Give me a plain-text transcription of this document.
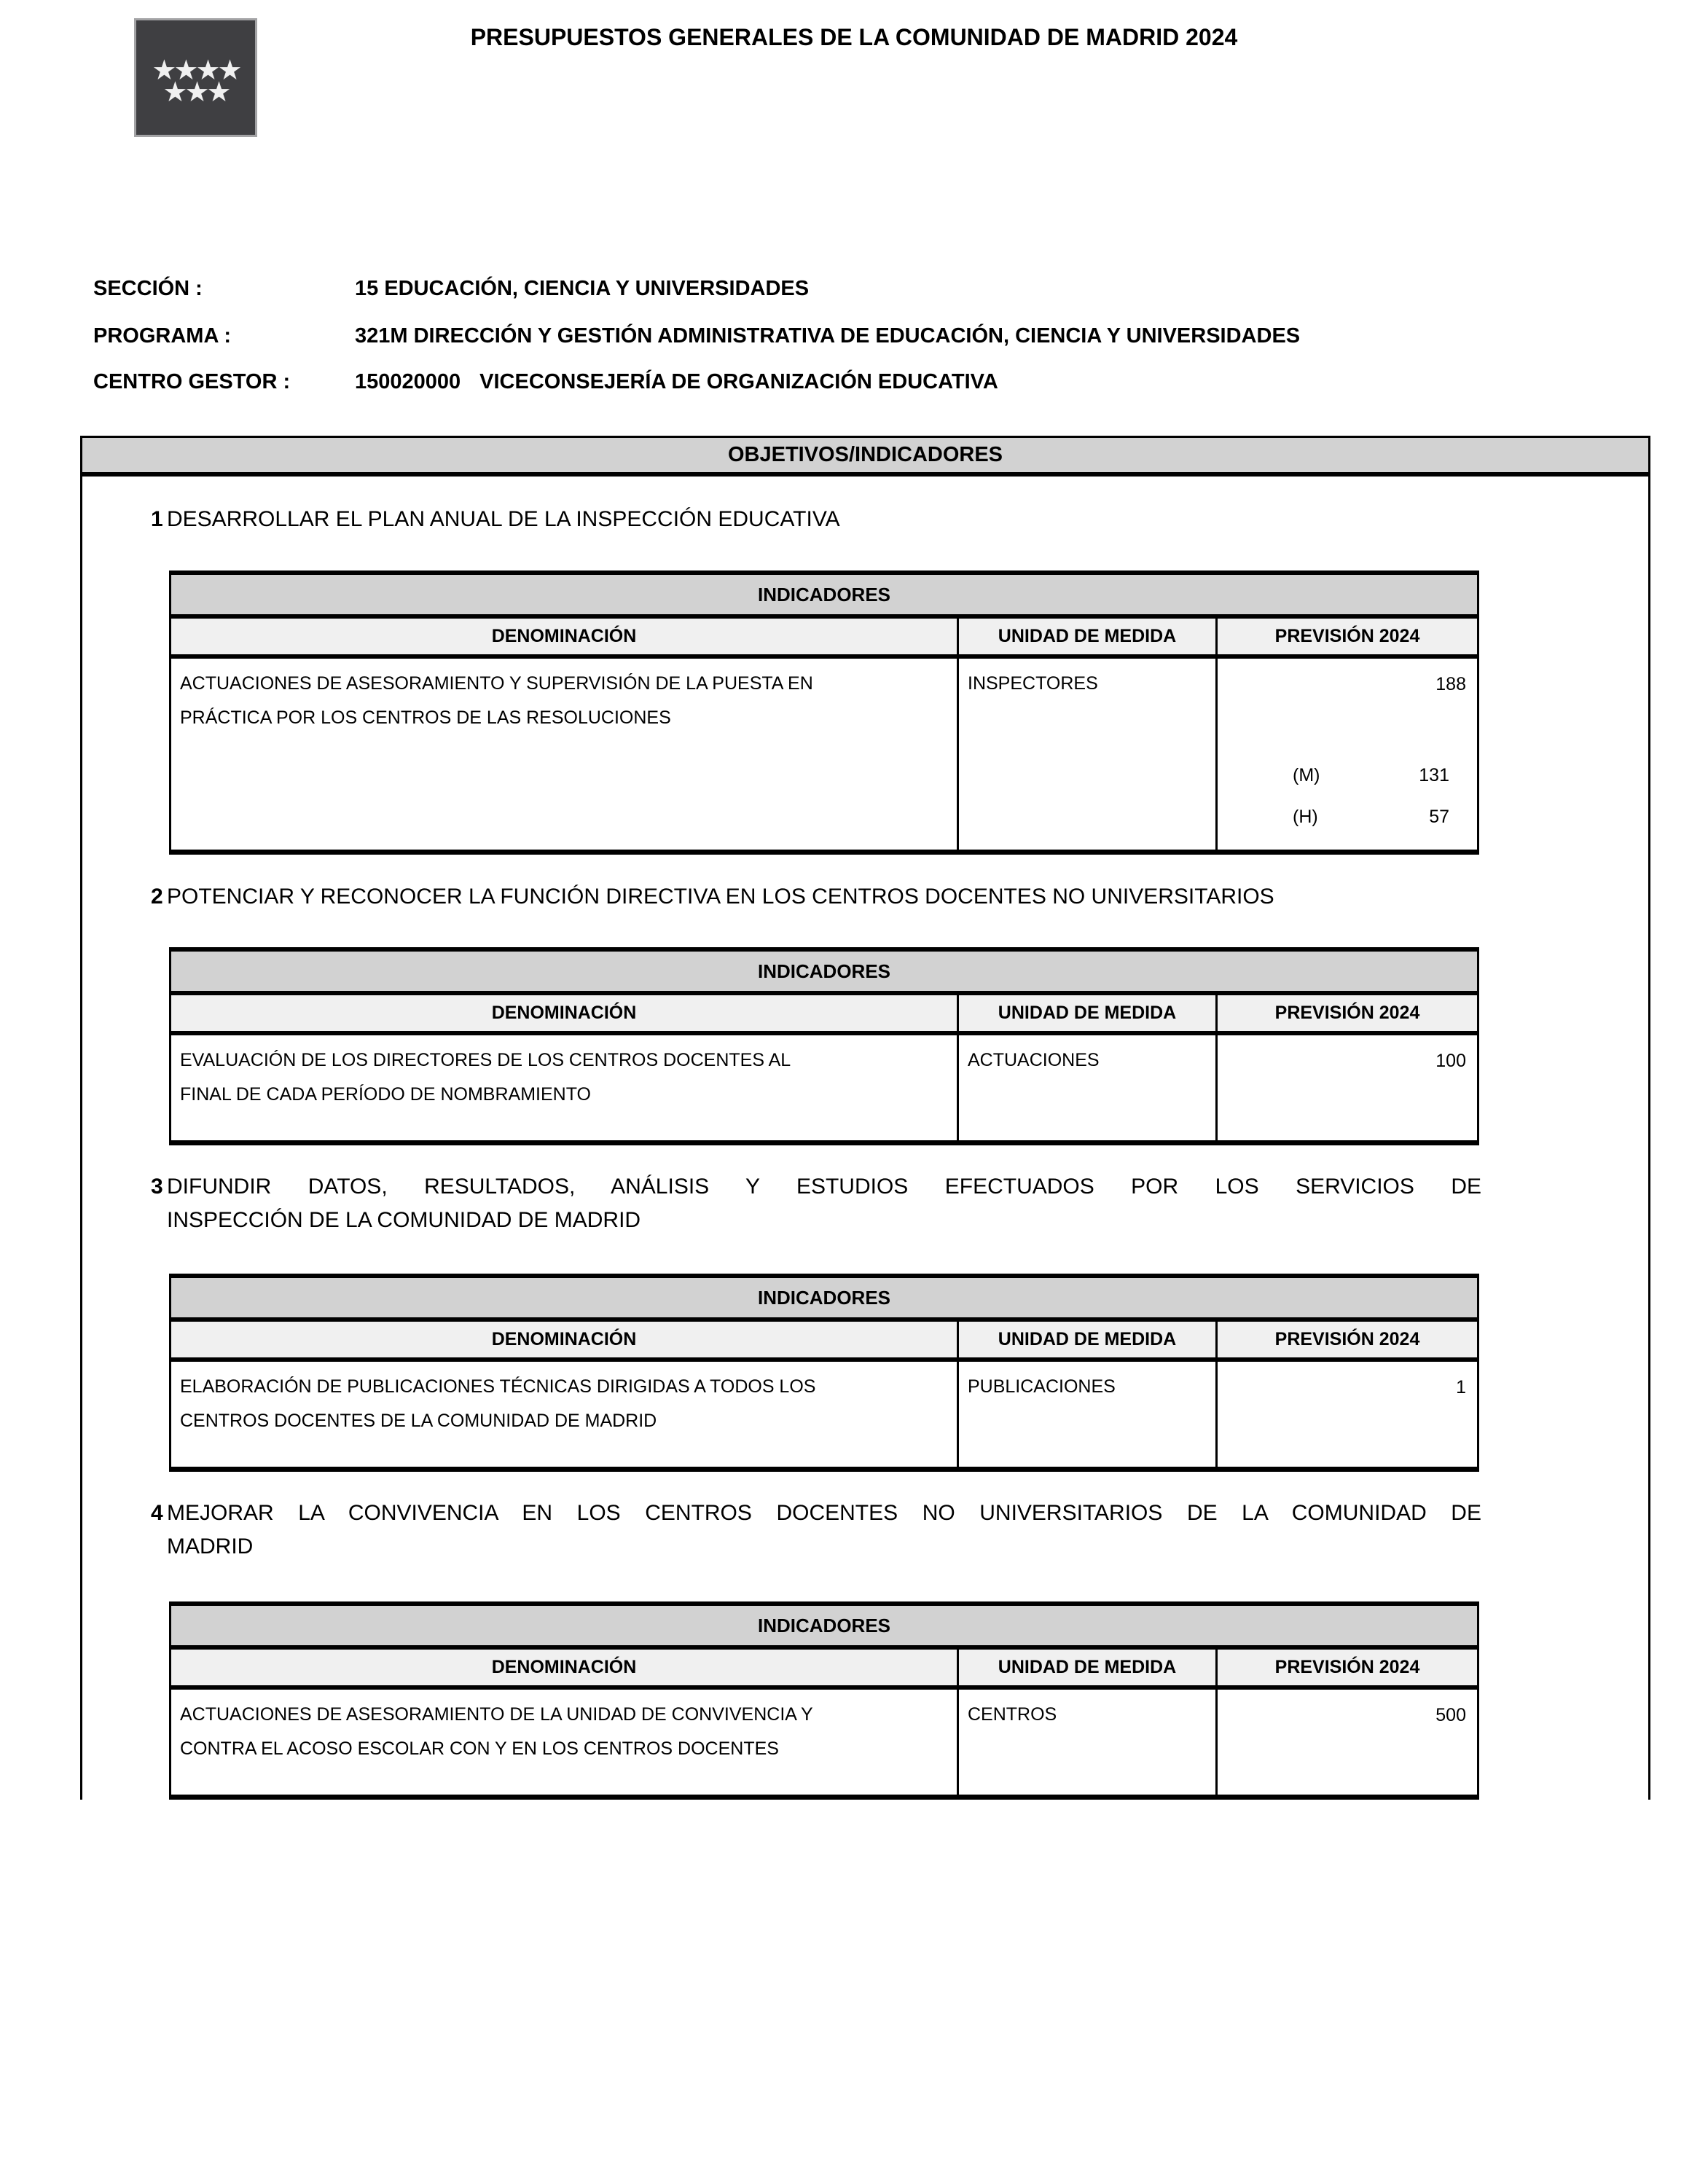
★★★★
★★★
PRESUPUESTOS GENERALES DE LA COMUNIDAD DE MADRID 2024
SECCIÓN :	15 EDUCACIÓN, CIENCIA Y UNIVERSIDADES
PROGRAMA :	321M DIRECCIÓN Y GESTIÓN ADMINISTRATIVA DE EDUCACIÓN, CIENCIA Y UNIVERSIDADES
CENTRO GESTOR :	150020000 VICECONSEJERÍA DE ORGANIZACIÓN EDUCATIVA
OBJETIVOS/INDICADORES
1 DESARROLLAR EL PLAN ANUAL DE LA INSPECCIÓN EDUCATIVA
INDICADORES
DENOMINACIÓN	UNIDAD DE MEDIDA	PREVISIÓN 2024
ACTUACIONES DE ASESORAMIENTO Y SUPERVISIÓN DE LA PUESTA EN
PRÁCTICA POR LOS CENTROS DE LAS RESOLUCIONES
INSPECTORES	188
(M)	131
(H)	57
2 POTENCIAR Y RECONOCER LA FUNCIÓN DIRECTIVA EN LOS CENTROS DOCENTES NO UNIVERSITARIOS
INDICADORES
DENOMINACIÓN	UNIDAD DE MEDIDA	PREVISIÓN 2024
EVALUACIÓN DE LOS DIRECTORES DE LOS CENTROS DOCENTES AL
FINAL DE CADA PERÍODO DE NOMBRAMIENTO
ACTUACIONES	100
3 DIFUNDIR DATOS, RESULTADOS, ANÁLISIS Y ESTUDIOS EFECTUADOS POR LOS SERVICIOS DE
INSPECCIÓN DE LA COMUNIDAD DE MADRID
INDICADORES
DENOMINACIÓN	UNIDAD DE MEDIDA	PREVISIÓN 2024
ELABORACIÓN DE PUBLICACIONES TÉCNICAS DIRIGIDAS A TODOS LOS
CENTROS DOCENTES DE LA COMUNIDAD DE MADRID
PUBLICACIONES	1
4 MEJORAR LA CONVIVENCIA EN LOS CENTROS DOCENTES NO UNIVERSITARIOS DE LA COMUNIDAD DE
MADRID
INDICADORES
DENOMINACIÓN	UNIDAD DE MEDIDA	PREVISIÓN 2024
ACTUACIONES DE ASESORAMIENTO DE LA UNIDAD DE CONVIVENCIA Y
CONTRA EL ACOSO ESCOLAR CON Y EN LOS CENTROS DOCENTES
CENTROS	500
